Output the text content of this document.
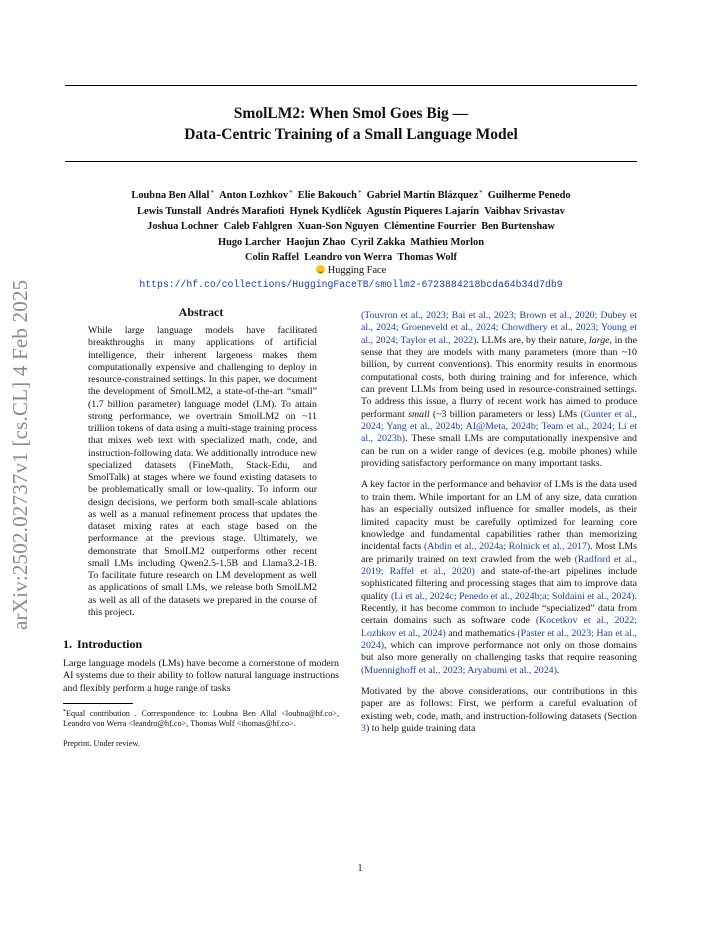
SmolLM2: When Smol Goes Big —
Data-Centric Training of a Small Language Model
Loubna Ben Allal*  Anton Lozhkov*  Elie Bakouch*  Gabriel Martín Blázquez*  Guilherme Penedo
Lewis Tunstall  Andrés Marafioti  Hynek Kydlíček  Agustín Piqueres Lajarín  Vaibhav Srivastav
Joshua Lochner  Caleb Fahlgren  Xuan-Son Nguyen  Clémentine Fourrier  Ben Burtenshaw
Hugo Larcher  Haojun Zhao  Cyril Zakka  Mathieu Morlon
Colin Raffel  Leandro von Werra  Thomas Wolf
Hugging Face
https://hf.co/collections/HuggingFaceTB/smollm2-6723884218bcda64b34d7db9
arXiv:2502.02737v1 [cs.CL] 4 Feb 2025	Abstract
While large language models have facilitated breakthroughs in many applications of artificial intelligence, their inherent largeness makes them computationally expensive and challenging to deploy in resource-constrained settings. In this paper, we document the development of SmolLM2, a state-of-the-art “small” (1.7 billion parameter) language model (LM). To attain strong performance, we overtrain SmolLM2 on ~11 trillion tokens of data using a multi-stage training process that mixes web text with specialized math, code, and instruction-following data. We additionally introduce new specialized datasets (FineMath, Stack-Edu, and SmolTalk) at stages where we found existing datasets to be problematically small or low-quality. To inform our design decisions, we perform both small-scale ablations as well as a manual refinement process that updates the dataset mixing rates at each stage based on the performance at the previous stage. Ultimately, we demonstrate that SmolLM2 outperforms other recent small LMs including Qwen2.5-1.5B and Llama3.2-1B. To facilitate future research on LM development as well as applications of small LMs, we release both SmolLM2 as well as all of the datasets we prepared in the course of this project.
1. Introduction

Large language models (LMs) have become a cornerstone of modern AI systems due to their ability to follow natural language instructions and flexibly perform a huge range of tasks

*Equal contribution . Correspondence to: Loubna Ben Allal <loubna@hf.co>, Leandro von Werra <leandro@hf.co>, Thomas Wolf <thomas@hf.co>.
Preprint. Under review.

(Touvron et al., 2023; Bai et al., 2023; Brown et al., 2020; Dubey et al., 2024; Groeneveld et al., 2024; Chowdhery et al., 2023; Young et al., 2024; Taylor et al., 2022). LLMs are, by their nature, large, in the sense that they are models with many parameters (more than ~10 billion, by current conventions). This enormity results in enormous computational costs, both during training and for inference, which can prevent LLMs from being used in resource-constrained settings. To address this issue, a flurry of recent work has aimed to produce performant small (~3 billion parameters or less) LMs (Gunter et al., 2024; Yang et al., 2024b; AI@Meta, 2024b; Team et al., 2024; Li et al., 2023b). These small LMs are computationally inexpensive and can be run on a wider range of devices (e.g. mobile phones) while providing satisfactory performance on many important tasks.

A key factor in the performance and behavior of LMs is the data used to train them. While important for an LM of any size, data curation has an especially outsized influence for smaller models, as their limited capacity must be carefully optimized for learning core knowledge and fundamental capabilities rather than memorizing incidental facts (Abdin et al., 2024a; Rolnick et al., 2017). Most LMs are primarily trained on text crawled from the web (Radford et al., 2019; Raffel et al., 2020) and state-of-the-art pipelines include sophisticated filtering and processing stages that aim to improve data quality (Li et al., 2024c; Penedo et al., 2024b;a; Soldaini et al., 2024). Recently, it has become common to include “specialized” data from certain domains such as software code (Kocetkov et al., 2022; Lozhkov et al., 2024) and mathematics (Paster et al., 2023; Han et al., 2024), which can improve performance not only on those domains but also more generally on challenging tasks that require reasoning (Muennighoff et al., 2023; Aryabumi et al., 2024).

Motivated by the above considerations, our contributions in this paper are as follows: First, we perform a careful evaluation of existing web, code, math, and instruction-following datasets (Section 3) to help guide training data

1
